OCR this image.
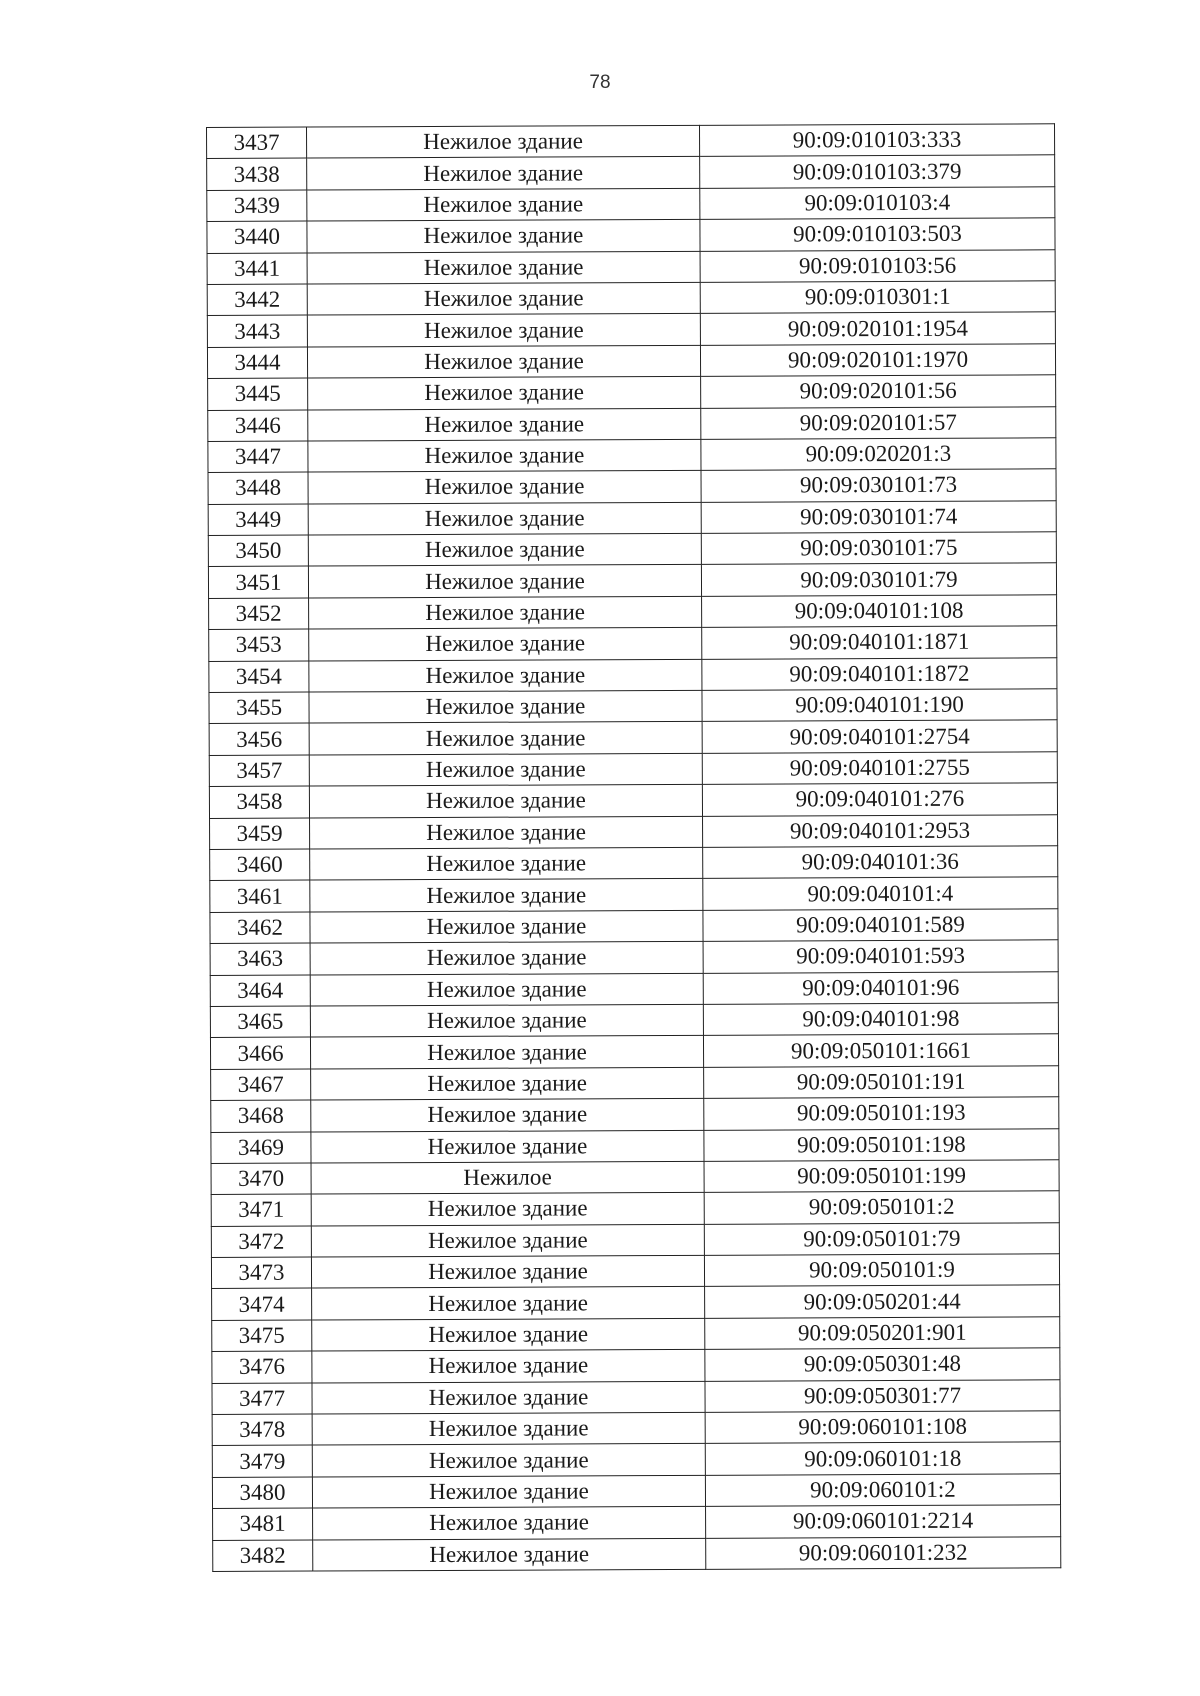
78
3437	Нежилое здание	90:09:010103:333
3438	Нежилое здание	90:09:010103:379
3439	Нежилое здание	90:09:010103:4
3440	Нежилое здание	90:09:010103:503
3441	Нежилое здание	90:09:010103:56
3442	Нежилое здание	90:09:010301:1
3443	Нежилое здание	90:09:020101:1954
3444	Нежилое здание	90:09:020101:1970
3445	Нежилое здание	90:09:020101:56
3446	Нежилое здание	90:09:020101:57
3447	Нежилое здание	90:09:020201:3
3448	Нежилое здание	90:09:030101:73
3449	Нежилое здание	90:09:030101:74
3450	Нежилое здание	90:09:030101:75
3451	Нежилое здание	90:09:030101:79
3452	Нежилое здание	90:09:040101:108
3453	Нежилое здание	90:09:040101:1871
3454	Нежилое здание	90:09:040101:1872
3455	Нежилое здание	90:09:040101:190
3456	Нежилое здание	90:09:040101:2754
3457	Нежилое здание	90:09:040101:2755
3458	Нежилое здание	90:09:040101:276
3459	Нежилое здание	90:09:040101:2953
3460	Нежилое здание	90:09:040101:36
3461	Нежилое здание	90:09:040101:4
3462	Нежилое здание	90:09:040101:589
3463	Нежилое здание	90:09:040101:593
3464	Нежилое здание	90:09:040101:96
3465	Нежилое здание	90:09:040101:98
3466	Нежилое здание	90:09:050101:1661
3467	Нежилое здание	90:09:050101:191
3468	Нежилое здание	90:09:050101:193
3469	Нежилое здание	90:09:050101:198
3470	Нежилое	90:09:050101:199
3471	Нежилое здание	90:09:050101:2
3472	Нежилое здание	90:09:050101:79
3473	Нежилое здание	90:09:050101:9
3474	Нежилое здание	90:09:050201:44
3475	Нежилое здание	90:09:050201:901
3476	Нежилое здание	90:09:050301:48
3477	Нежилое здание	90:09:050301:77
3478	Нежилое здание	90:09:060101:108
3479	Нежилое здание	90:09:060101:18
3480	Нежилое здание	90:09:060101:2
3481	Нежилое здание	90:09:060101:2214
3482	Нежилое здание	90:09:060101:232
